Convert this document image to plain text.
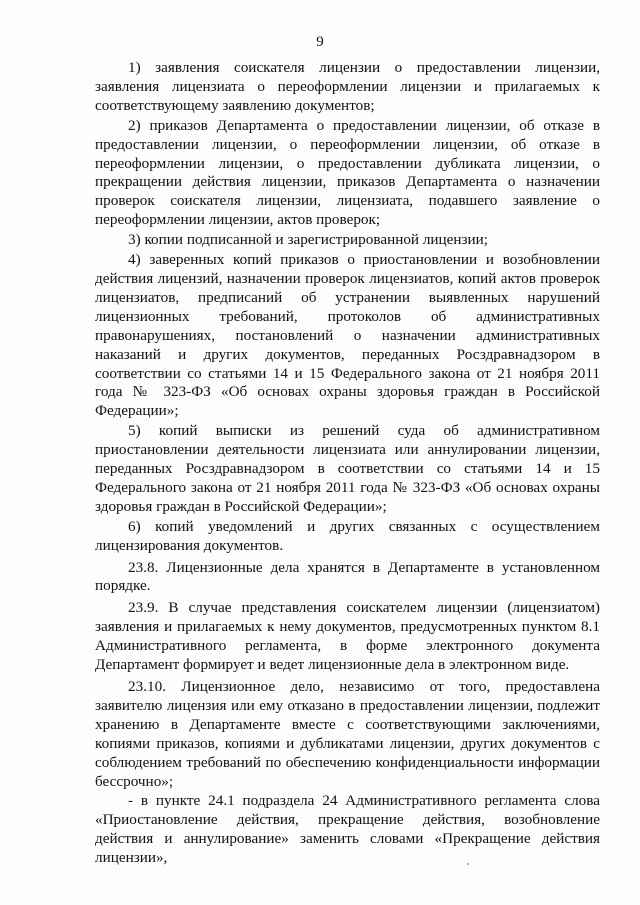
9

1) заявления соискателя лицензии о предоставлении лицензии, заявления лицензиата о переоформлении лицензии и прилагаемых к соответствующему заявлению документов;

2) приказов Департамента о предоставлении лицензии, об отказе в предоставлении лицензии, о переоформлении лицензии, об отказе в переоформлении лицензии, о предоставлении дубликата лицензии, о прекращении действия лицензии, приказов Департамента о назначении проверок соискателя лицензии, лицензиата, подавшего заявление о переоформлении лицензии, актов проверок;

3) копии подписанной и зарегистрированной лицензии;

4) заверенных копий приказов о приостановлении и возобновлении действия лицензий, назначении проверок лицензиатов, копий актов проверок лицензиатов, предписаний об устранении выявленных нарушений лицензионных требований, протоколов об административных правонарушениях, постановлений о назначении административных наказаний и других документов, переданных Росздравнадзором в соответствии со статьями 14 и 15 Федерального закона от 21 ноября 2011 года № 323-ФЗ «Об основах охраны здоровья граждан в Российской Федерации»;

5) копий выписки из решений суда об административном приостановлении деятельности лицензиата или аннулировании лицензии, переданных Росздравнадзором в соответствии со статьями 14 и 15 Федерального закона от 21 ноября 2011 года № 323-ФЗ «Об основах охраны здоровья граждан в Российской Федерации»;

6) копий уведомлений и других связанных с осуществлением лицензирования документов.

23.8. Лицензионные дела хранятся в Департаменте в установленном порядке.

23.9. В случае представления соискателем лицензии (лицензиатом) заявления и прилагаемых к нему документов, предусмотренных пунктом 8.1 Административного регламента, в форме электронного документа Департамент формирует и ведет лицензионные дела в электронном виде.

23.10. Лицензионное дело, независимо от того, предоставлена заявителю лицензия или ему отказано в предоставлении лицензии, подлежит хранению в Департаменте вместе с соответствующими заключениями, копиями приказов, копиями и дубликатами лицензии, других документов с соблюдением требований по обеспечению конфиденциальности информации бессрочно»;

- в пункте 24.1 подраздела 24 Административного регламента слова «Приостановление действия, прекращение действия, возобновление действия и аннулирование» заменить словами «Прекращение действия лицензии»,
